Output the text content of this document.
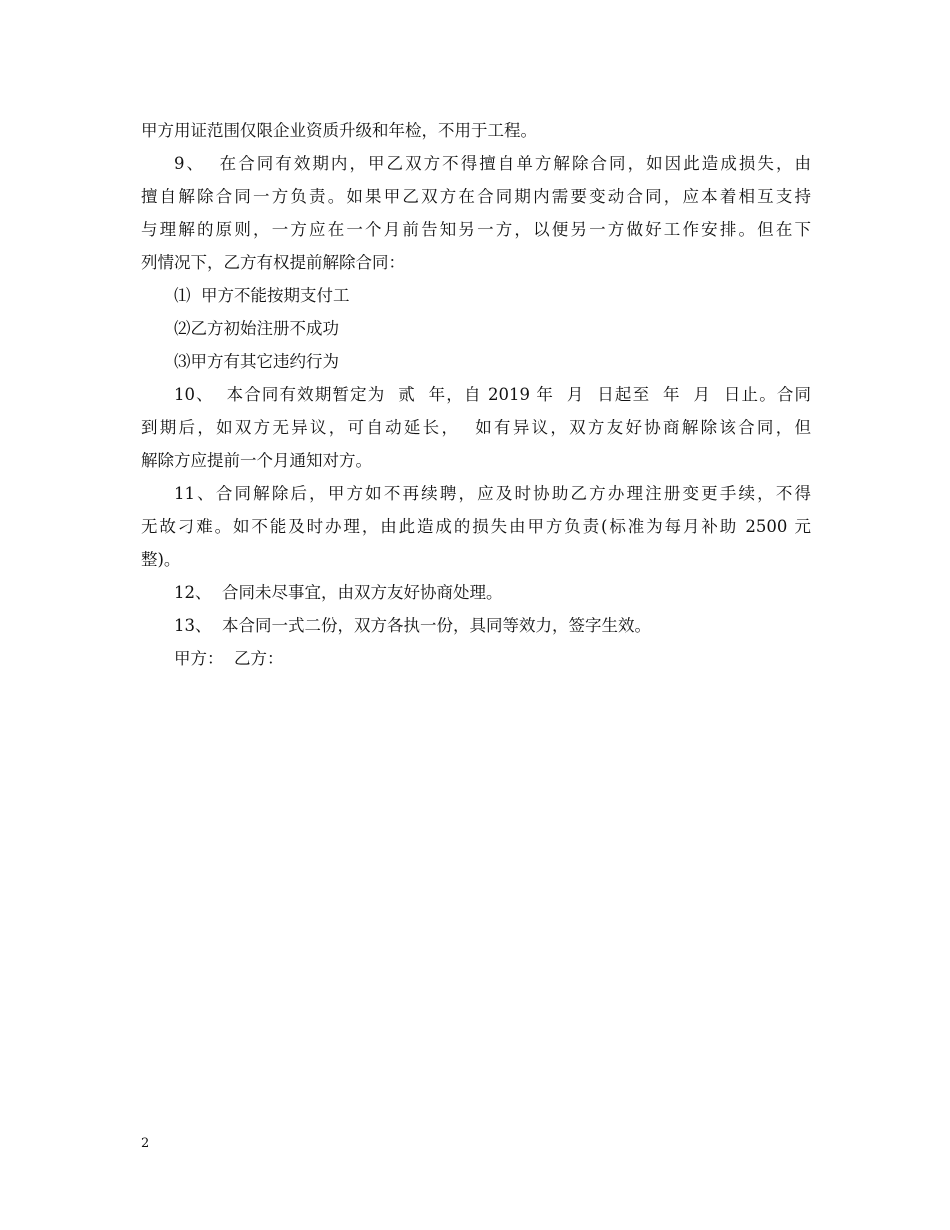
甲方用证范围仅限企业资质升级和年检，不用于工程。
9、  在合同有效期内，甲乙双方不得擅自单方解除合同，如因此造成损失，由
擅自解除合同一方负责。如果甲乙双方在合同期内需要变动合同，应本着相互支持
与理解的原则，一方应在一个月前告知另一方，以便另一方做好工作安排。但在下
列情况下，乙方有权提前解除合同：
⑴  甲方不能按期支付工
⑵乙方初始注册不成功
⑶甲方有其它违约行为
10、  本合同有效期暂定为  贰  年，自 2019 年  月  日起至  年  月  日止。合同
到期后，如双方无异议，可自动延长，  如有异议，双方友好协商解除该合同，但
解除方应提前一个月通知对方。
11、合同解除后，甲方如不再续聘，应及时协助乙方办理注册变更手续，不得
无故刁难。如不能及时办理，由此造成的损失由甲方负责(标准为每月补助 2500 元
整)。
12、  合同未尽事宜，由双方友好协商处理。
13、  本合同一式二份，双方各执一份，具同等效力，签字生效。
甲方：  乙方：
2
